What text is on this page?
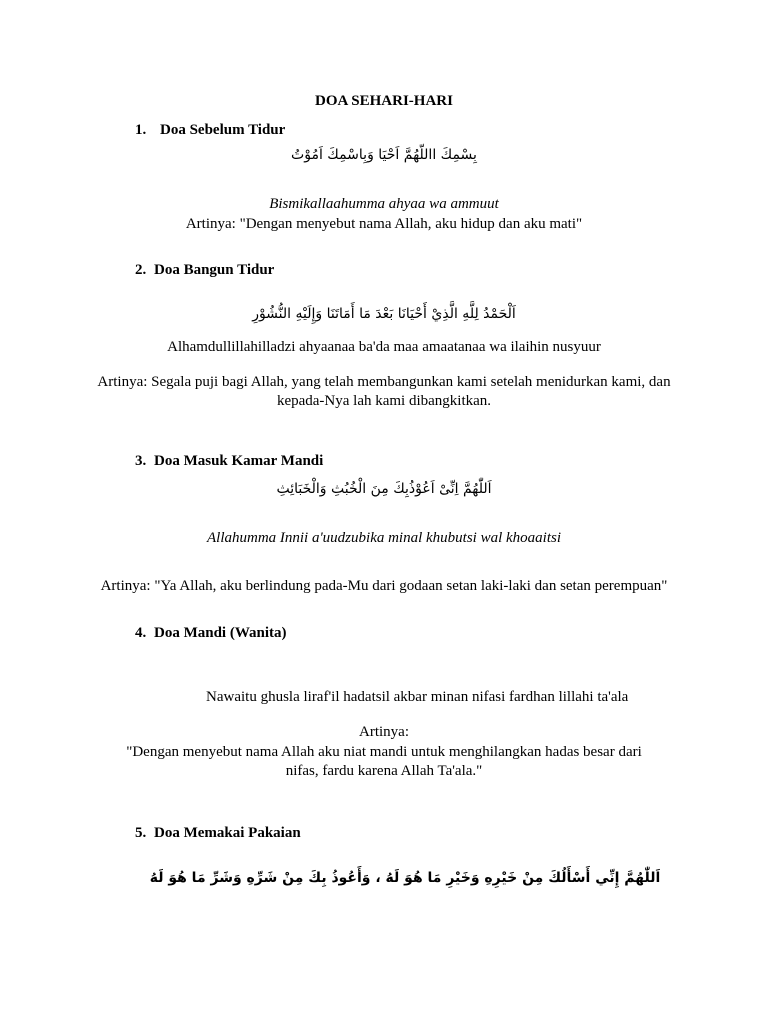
DOA SEHARI-HARI
1. Doa Sebelum Tidur
بِسْمِكَ االلّهُمَّ اَحْيَا وَبِاسْمِكَ اَمُوْتُ
Bismikallaahumma ahyaa wa ammuut
Artinya: "Dengan menyebut nama Allah, aku hidup dan aku mati"
2. Doa Bangun Tidur
اَلْحَمْدُ لِلَّهِ الَّذِيْ أَحْيَانَا بَعْدَ مَا أَمَاتَنَا وَإِلَيْهِ النُّشُوْرِ
Alhamdullillahilladzi ahyaanaa ba'da maa amaatanaa wa ilaihin nusyuur
Artinya: Segala puji bagi Allah, yang telah membangunkan kami setelah menidurkan kami, dan
kepada-Nya lah kami dibangkitkan.
3. Doa Masuk Kamar Mandi
اَللّٰهُمَّ اِنِّىْ اَعُوْذُبِكَ مِنَ الْخُبُثِ وَالْخَبَائِثِ
Allahumma Innii a'uudzubika minal khubutsi wal khoaaitsi
Artinya: "Ya Allah, aku berlindung pada-Mu dari godaan setan laki-laki dan setan perempuan"
4. Doa Mandi (Wanita)
Nawaitu ghusla liraf'il hadatsil akbar minan nifasi fardhan lillahi ta'ala
Artinya:
"Dengan menyebut nama Allah aku niat mandi untuk menghilangkan hadas besar dari
nifas, fardu karena Allah Ta'ala."
5. Doa Memakai Pakaian
اَللّٰهُمَّ إِنِّي أَسْأَلُكَ مِنْ خَيْرِهِ وَخَيْرِ مَا هُوَ لَهُ ، وَأَعُوذُ بِكَ مِنْ شَرِّهِ وَشَرِّ مَا هُوَ لَهُ
